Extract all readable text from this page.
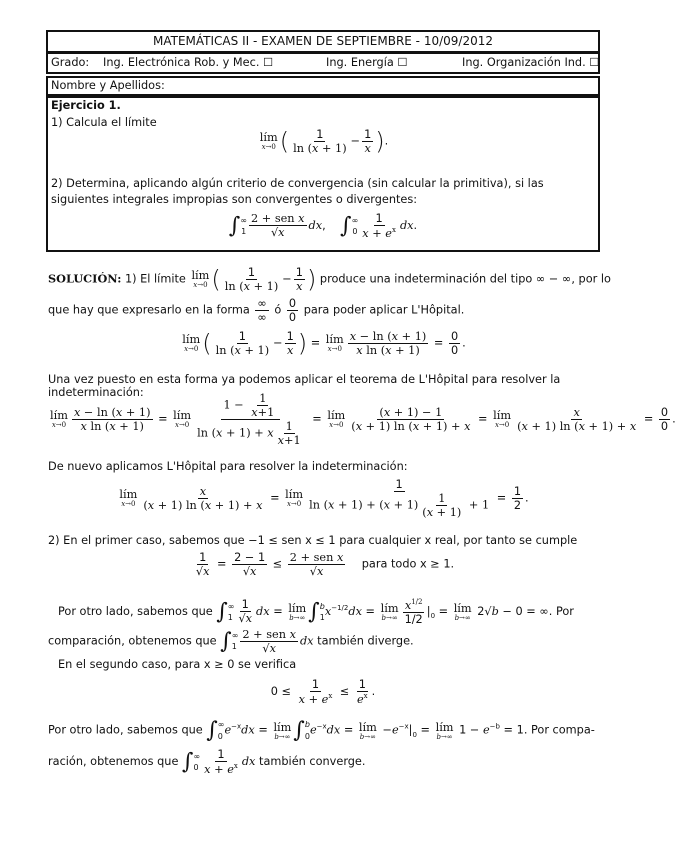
MATEMÁTICAS II - EXAMEN DE SEPTIEMBRE - 10/09/2012
Grado: Ing. Electrónica Rob. y Mec. ☐	Ing. Energía ☐	Ing. Organización Ind. ☐
Nombre y Apellidos:
Ejercicio 1.
1) Calcula el límite
lím
x→0 ( $\frac{1}{\ln (x + 1)} - \frac{1}{x}$ ).
2) Determina, aplicando algún criterio de convergencia (sin calcular la primitiva), si las siguientes integrales impropias son convergentes o divergentes:
∫ ∞
$1 \frac{\text{2 + sen x}}{√x}$ dx,    ∫ ∞
$0 \frac{1}{x + e^x}$ dx.
SOLUCIÓN: 1) El límite lím
x→0 ( $\frac{1}{\ln (x + 1)} - \frac{1}{x}$ ) produce una indeterminación del tipo ∞ − ∞, por lo
que hay que expresarlo en la forma $\frac{\infty}{\infty}$ ó $\frac{0}{0}$ para poder aplicar L'Hôpital.
lím
x→0 ( $\frac{1}{\ln (x + 1)} - \frac{1}{x}$ ) = lím
$x\to 0 \frac{x - \ln (x + 1)}{\text{x ln (x + 1)}} = \frac{0}{0}$ .
Una vez puesto en esta forma ya podemos aplicar el teorema de L'Hôpital para resolver la indeterminación:
lím
$x\to 0 \frac{x - \ln (x + 1)}{\text{x ln (x + 1)}}$ = lím
$x\to 0 \frac{1 - \frac{1}{x+1}}{\ln (x + 1) + x \frac{1}{x+1}}$ = lím
$x\to 0 \frac{(x + 1) - 1}{(x + 1) \ln (x + 1) + x}$ = lím
$x\to 0 \frac{x}{(x + 1) \ln (x + 1) + x} = \frac{0}{0}$ .
De nuevo aplicamos L'Hôpital para resolver la indeterminación:
lím
$x\to 0 \frac{x}{(x + 1) \ln (x + 1) + x}$ = lím
$x\to 0 \frac{1}{\ln (x + 1) + (x + 1) \frac{1}{(x + 1)} + 1} = \frac{1}{2}$ .
2) En el primer caso, sabemos que −1 ≤ sen x ≤ 1 para cualquier x real, por tanto se cumple
$\frac{1}{√x} = \frac{2 - 1}{√x} \le \frac{\text{2 + sen x}}{√x}$ para todo x ≥ 1.
Por otro lado, sabemos que ∫ ∞
$1 \frac{1}{√x}$ dx = lím
b→∞ ∫ b
1 $x^{-1/2}dx$ = lím
$b\to\infty \frac{x^{1/2}}{1/2} |_0$ = lím
b→∞ 2√b − 0 = ∞. Por
comparación, obtenemos que ∫ ∞
$1 \frac{\text{2 + sen x}}{√x}$ dx también diverge.
En el segundo caso, para x ≥ 0 se verifica
$0 \le \frac{1}{x + e^x} \le \frac{1}{e^x}$ .
Por otro lado, sabemos que ∫ ∞
0 $e^{-x}dx$ = lím
b→∞ ∫ b
0 $e^{-x}dx$ = lím
$b\to\infty -e^{-x}|_0$ = lím
b→∞ $1 - e^{-b} = 1$. Por compa-
ración, obtenemos que ∫ ∞
$0 \frac{1}{x + e^x}$ dx también converge.
